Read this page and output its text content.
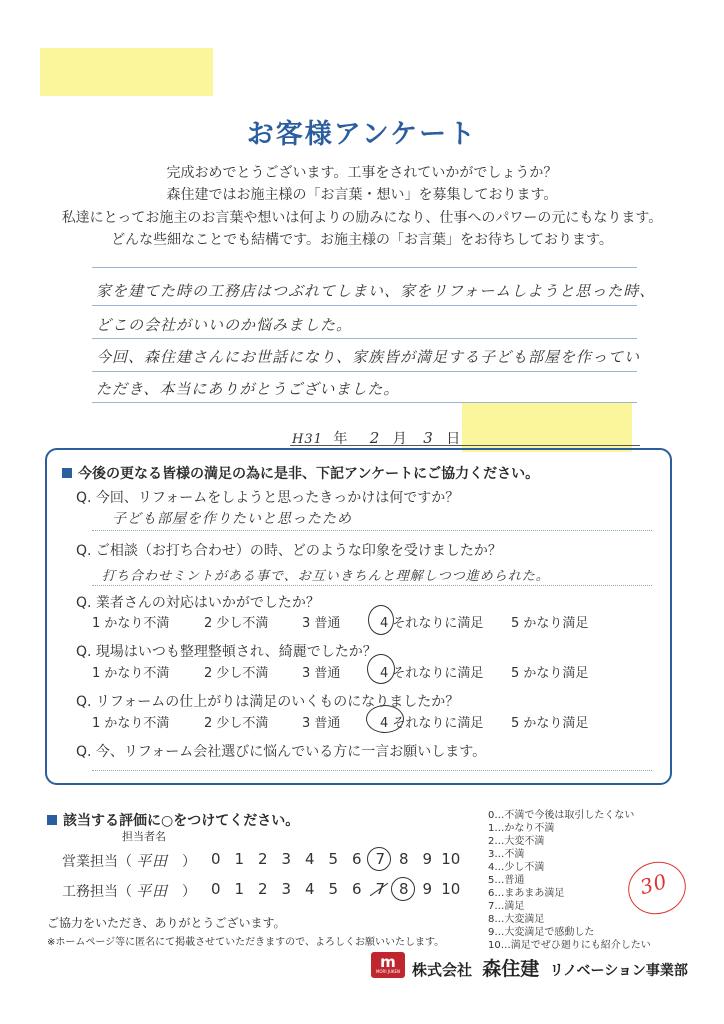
お客様アンケート
完成おめでとうございます。工事をされていかがでしょうか？
森住建ではお施主様の「お言葉・想い」を募集しております。
私達にとってお施主のお言葉や想いは何よりの励みになり、仕事へのパワーの元にもなります。
どんな些細なことでも結構です。お施主様の「お言葉」をお待ちしております。
家を建てた時の工務店はつぶれてしまい、家をリフォームしようと思った時、
どこの会社がいいのか悩みました。
今回、森住建さんにお世話になり、家族皆が満足する子ども部屋を作ってい
ただき、本当にありがとうございました。
H31 年 2 月 3 日
今後の更なる皆様の満足の為に是非、下記アンケートにご協力ください。
Q. 今回、リフォームをしようと思ったきっかけは何ですか？
子ども部屋を作りたいと思ったため
Q. ご相談（お打ち合わせ）の時、どのような印象を受けましたか？
打ち合わせミントがある事で、お互いきちんと理解しつつ進められた。
Q. 業者さんの対応はいかがでしたか？
1 かなり不満	2 少し不満	3 普通	4 それなりに満足 5 かなり満足
Q. 現場はいつも整理整頓され、綺麗でしたか？
1 かなり不満	2 少し不満	3 普通	4 それなりに満足 5 かなり満足
Q. リフォームの仕上がりは満足のいくものになりましたか？
1 かなり不満	2 少し不満	3 普通	4 それなりに満足 5 かなり満足
Q. 今、リフォーム会社選びに悩んでいる方に一言お願いします。
該当する評価に○をつけてください。
担当者名
営業担当（ 平田 ） 0 1 2 3 4 5 6 7 8 9 10
工務担当（ 平田 ） 0 1 2 3 4 5 6 7 8 9 10
0…不満で今後は取引したくない
1…かなり不満
2…大変不満
3…不満
4…少し不満
5…普通
6…まあまあ満足
7…満足
8…大変満足
9…大変満足で感動した
10…満足でぜひ廻りにも紹介したい
30
ご協力をいただき、ありがとうございます。
※ホームページ等に匿名にて掲載させていただきますので、よろしくお願いいたします。
m
MORI JUKEN 株式会社 森住建 リノベーション事業部
